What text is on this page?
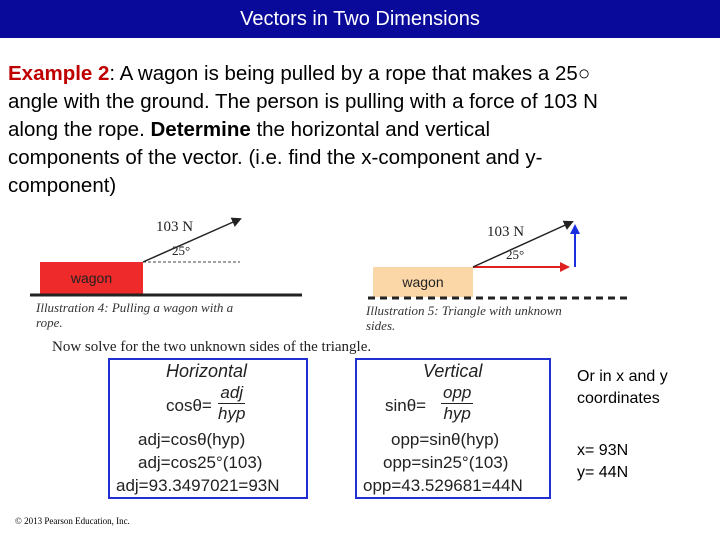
Vectors in Two Dimensions
Example 2: A wagon is being pulled by a rope that makes a 25○
angle with the ground. The person is pulling with a force of 103 N
along the rope. Determine the horizontal and vertical
components of the vector. (i.e. find the x-component and y-
component)
103 N
25°
wagon
Illustration 4: Pulling a wagon with a
rope.
103 N
25°
wagon
Illustration 5: Triangle with unknown
sides.
Now solve for the two unknown sides of the triangle.
Horizontal
cosθ=
adj
hyp
adj=cosθ(hyp)
adj=cos25°(103)
adj=93.3497021=93N
Vertical
sinθ=
opp
hyp
opp=sinθ(hyp)
opp=sin25°(103)
opp=43.529681=44N
Or in x and y
coordinates
x= 93N
y= 44N
© 2013 Pearson Education, Inc.
